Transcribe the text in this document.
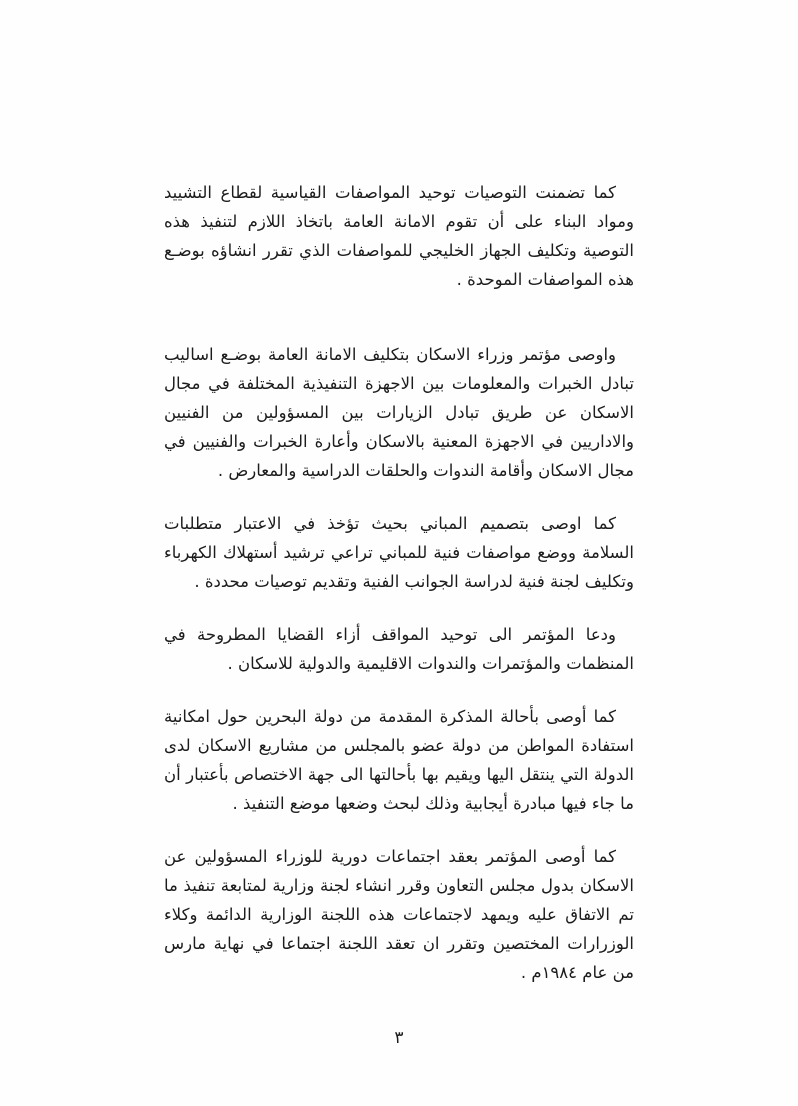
كما تضمنت التوصيات توحيد المواصفات القياسية لقطاع التشييد ومواد البناء على أن تقوم الامانة العامة باتخاذ اللازم لتنفيذ هذه التوصية وتكليف الجهاز الخليجي للمواصفات الذي تقرر انشاؤه بوضـع هذه المواصفات الموحدة .

واوصى مؤتمر وزراء الاسكان بتكليف الامانة العامة بوضـع اساليب تبادل الخبرات والمعلومات بين الاجهزة التنفيذية المختلفة في مجال الاسكان عن طريق تبادل الزيارات بين المسؤولين من الفنيين والاداريين في الاجهزة المعنية بالاسكان وأعارة الخبرات والفنيين في مجال الاسكان وأقامة الندوات والحلقات الدراسية والمعارض .

كما اوصى بتصميم المباني بحيث تؤخذ في الاعتبار متطلبات السلامة ووضع مواصفات فنية للمباني تراعي ترشيد أستهلاك الكهرباء وتكليف لجنة فنية لدراسة الجوانب الفنية وتقديم توصيات محددة .

ودعا المؤتمر الى توحيد المواقف أزاء القضايا المطروحة في المنظمات والمؤتمرات والندوات الاقليمية والدولية للاسكان .

كما أوصى بأحالة المذكرة المقدمة من دولة البحرين حول امكانية استفادة المواطن من دولة عضو بالمجلس من مشاريع الاسكان لدى الدولة التي ينتقل اليها ويقيم بها بأحالتها الى جهة الاختصاص بأعتبار أن ما جاء فيها مبادرة أيجابية وذلك لبحث وضعها موضع التنفيذ .

كما أوصى المؤتمر بعقد اجتماعات دورية للوزراء المسؤولين عن الاسكان بدول مجلس التعاون وقرر انشاء لجنة وزارية لمتابعة تنفيذ ما تم الاتفاق عليه ويمهد لاجتماعات هذه اللجنة الوزارية الدائمة وكلاء الوزرارات المختصين وتقرر ان تعقد اللجنة اجتماعا في نهاية مارس من عام ١٩٨٤م .

٣
